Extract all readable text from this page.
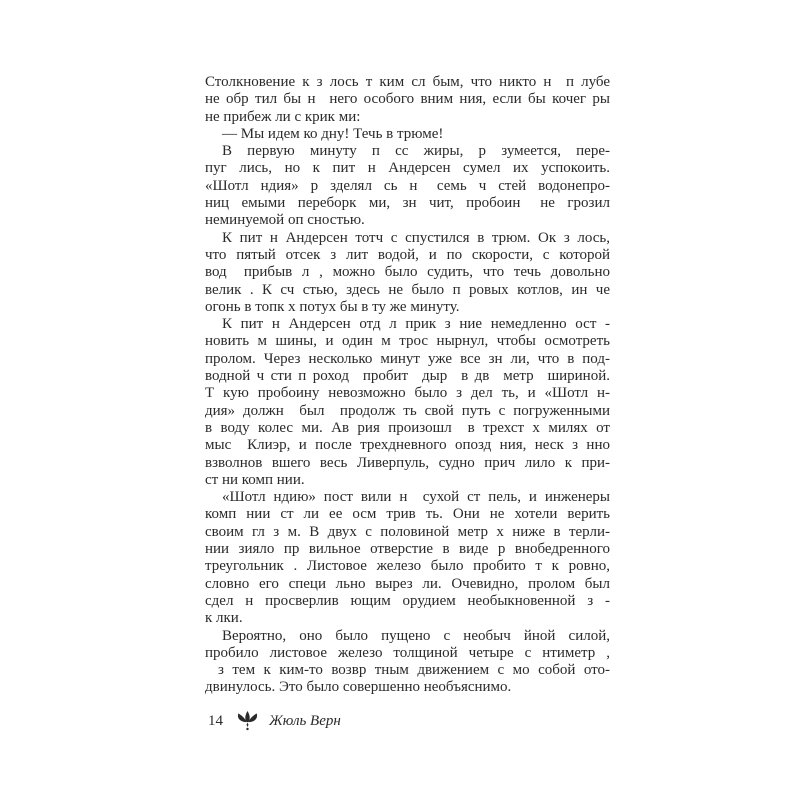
Столкновение к з лось т ким сл бым, что никто н  п лубе
не обр тил бы н  него особого вним ния, если бы кочег ры
не прибеж ли с крик ми:
— Мы идем ко дну! Течь в трюме!
В первую минуту п сс жиры, р зумеется, пере-
пуг лись, но к пит н Андерсен сумел их успокоить.
«Шотл ндия» р зделял сь н  семь ч стей водонепро-
ниц емыми переборк ми, зн чит, пробоин  не грозил
неминуемой оп сностью.
К пит н Андерсен тотч с спустился в трюм. Ок з лось,
что пятый отсек з лит водой, и по скорости, с которой
вод  прибыв л , можно было судить, что течь довольно
велик . К сч стью, здесь не было п ровых котлов, ин че
огонь в топк х потух бы в ту же минуту.
К пит н Андерсен отд л прик з ние немедленно ост -
новить м шины, и один м трос нырнул, чтобы осмотреть
пролом. Через несколько минут уже все зн ли, что в под-
водной ч сти п роход  пробит  дыр  в дв  метр  шириной.
Т кую пробоину невозможно было з дел ть, и «Шотл н-
дия» должн  был  продолж ть свой путь с погруженными
в воду колес ми. Ав рия произошл  в трехст х милях от
мыс  Клиэр, и после трехдневного опозд ния, неск з нно
взволнов вшего весь Ливерпуль, судно прич лило к при-
ст ни комп нии.
«Шотл ндию» пост вили н  сухой ст пель, и инженеры
комп нии ст ли ее осм трив ть. Они не хотели верить
своим гл з м. В двух с половиной метр х ниже в терли-
нии зияло пр вильное отверстие в виде р внобедренного
треугольник . Листовое железо было пробито т к ровно,
словно его специ льно вырез ли. Очевидно, пролом был
сдел н просверлив ющим орудием необыкновенной з -
к лки.
Вероятно, оно было пущено с необыч йной силой,
пробило листовое железо толщиной четыре с нтиметр ,
з тем к ким-то возвр тным движением с мо собой ото-
двинулось. Это было совершенно необъяснимо.
14	Жюль Верн
